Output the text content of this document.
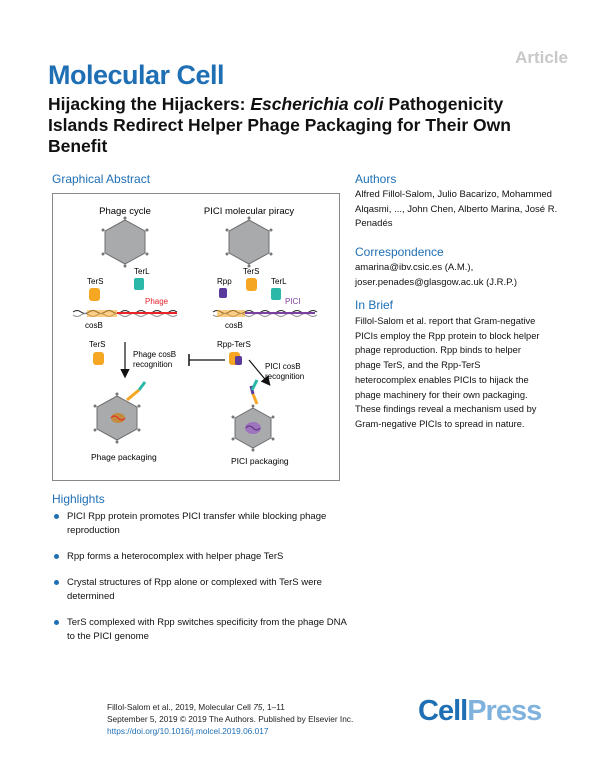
Article
Molecular Cell
Hijacking the Hijackers: Escherichia coli Pathogenicity Islands Redirect Helper Phage Packaging for Their Own Benefit
Graphical Abstract
Phage cycle	PICI molecular piracy
TerL
TerS
Phage
cosB
TerS
Rpp	TerL
PICI
cosB
TerS
Phage cosB
recognition
Rpp-TerS
PICI cosB
recognition
Phage packaging	PICI packaging
Authors
Alfred Fillol-Salom, Julio Bacarizo, Mohammed Alqasmi, ..., John Chen, Alberto Marina, José R. Penadés
Correspondence
amarina@ibv.csic.es (A.M.),
joser.penades@glasgow.ac.uk (J.R.P.)
In Brief
Fillol-Salom et al. report that Gram-negative PICIs employ the Rpp protein to block helper phage reproduction. Rpp binds to helper phage TerS, and the Rpp-TerS heterocomplex enables PICIs to hijack the phage machinery for their own packaging. These findings reveal a mechanism used by Gram-negative PICIs to spread in nature.
Highlights
PICI Rpp protein promotes PICI transfer while blocking phage reproduction
Rpp forms a heterocomplex with helper phage TerS
Crystal structures of Rpp alone or complexed with TerS were determined
TerS complexed with Rpp switches specificity from the phage DNA to the PICI genome
Fillol-Salom et al., 2019, Molecular Cell 75, 1–11
September 5, 2019 © 2019 The Authors. Published by Elsevier Inc.
https://doi.org/10.1016/j.molcel.2019.06.017
CellPress
